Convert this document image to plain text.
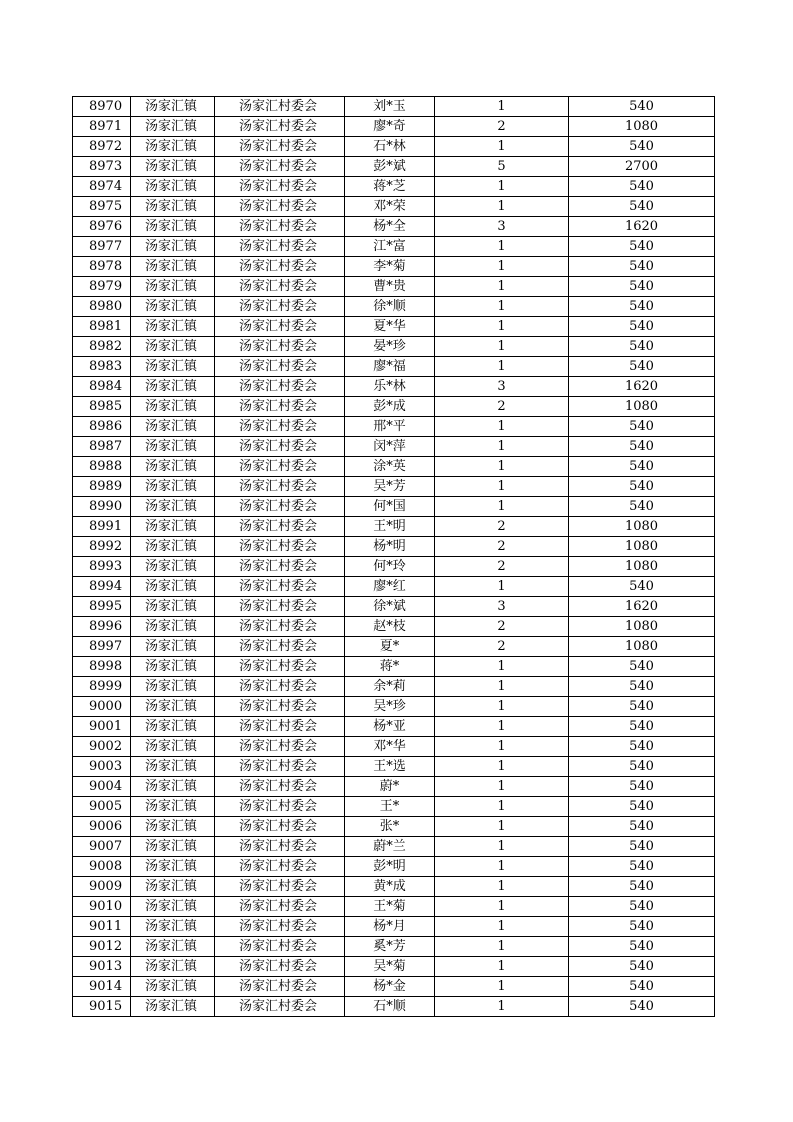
8970	汤家汇镇	汤家汇村委会	刘*玉	1	540
8971	汤家汇镇	汤家汇村委会	廖*奇	2	1080
8972	汤家汇镇	汤家汇村委会	石*林	1	540
8973	汤家汇镇	汤家汇村委会	彭*斌	5	2700
8974	汤家汇镇	汤家汇村委会	蒋*芝	1	540
8975	汤家汇镇	汤家汇村委会	邓*荣	1	540
8976	汤家汇镇	汤家汇村委会	杨*全	3	1620
8977	汤家汇镇	汤家汇村委会	江*富	1	540
8978	汤家汇镇	汤家汇村委会	李*菊	1	540
8979	汤家汇镇	汤家汇村委会	曹*贵	1	540
8980	汤家汇镇	汤家汇村委会	徐*顺	1	540
8981	汤家汇镇	汤家汇村委会	夏*华	1	540
8982	汤家汇镇	汤家汇村委会	晏*珍	1	540
8983	汤家汇镇	汤家汇村委会	廖*福	1	540
8984	汤家汇镇	汤家汇村委会	乐*林	3	1620
8985	汤家汇镇	汤家汇村委会	彭*成	2	1080
8986	汤家汇镇	汤家汇村委会	邢*平	1	540
8987	汤家汇镇	汤家汇村委会	闵*萍	1	540
8988	汤家汇镇	汤家汇村委会	涂*英	1	540
8989	汤家汇镇	汤家汇村委会	吴*芳	1	540
8990	汤家汇镇	汤家汇村委会	何*国	1	540
8991	汤家汇镇	汤家汇村委会	王*明	2	1080
8992	汤家汇镇	汤家汇村委会	杨*明	2	1080
8993	汤家汇镇	汤家汇村委会	何*玲	2	1080
8994	汤家汇镇	汤家汇村委会	廖*红	1	540
8995	汤家汇镇	汤家汇村委会	徐*斌	3	1620
8996	汤家汇镇	汤家汇村委会	赵*枝	2	1080
8997	汤家汇镇	汤家汇村委会	夏*	2	1080
8998	汤家汇镇	汤家汇村委会	蒋*	1	540
8999	汤家汇镇	汤家汇村委会	余*莉	1	540
9000	汤家汇镇	汤家汇村委会	吴*珍	1	540
9001	汤家汇镇	汤家汇村委会	杨*亚	1	540
9002	汤家汇镇	汤家汇村委会	邓*华	1	540
9003	汤家汇镇	汤家汇村委会	王*选	1	540
9004	汤家汇镇	汤家汇村委会	蔚*	1	540
9005	汤家汇镇	汤家汇村委会	王*	1	540
9006	汤家汇镇	汤家汇村委会	张*	1	540
9007	汤家汇镇	汤家汇村委会	蔚*兰	1	540
9008	汤家汇镇	汤家汇村委会	彭*明	1	540
9009	汤家汇镇	汤家汇村委会	黄*成	1	540
9010	汤家汇镇	汤家汇村委会	王*菊	1	540
9011	汤家汇镇	汤家汇村委会	杨*月	1	540
9012	汤家汇镇	汤家汇村委会	奚*芳	1	540
9013	汤家汇镇	汤家汇村委会	吴*菊	1	540
9014	汤家汇镇	汤家汇村委会	杨*金	1	540
9015	汤家汇镇	汤家汇村委会	石*顺	1	540
